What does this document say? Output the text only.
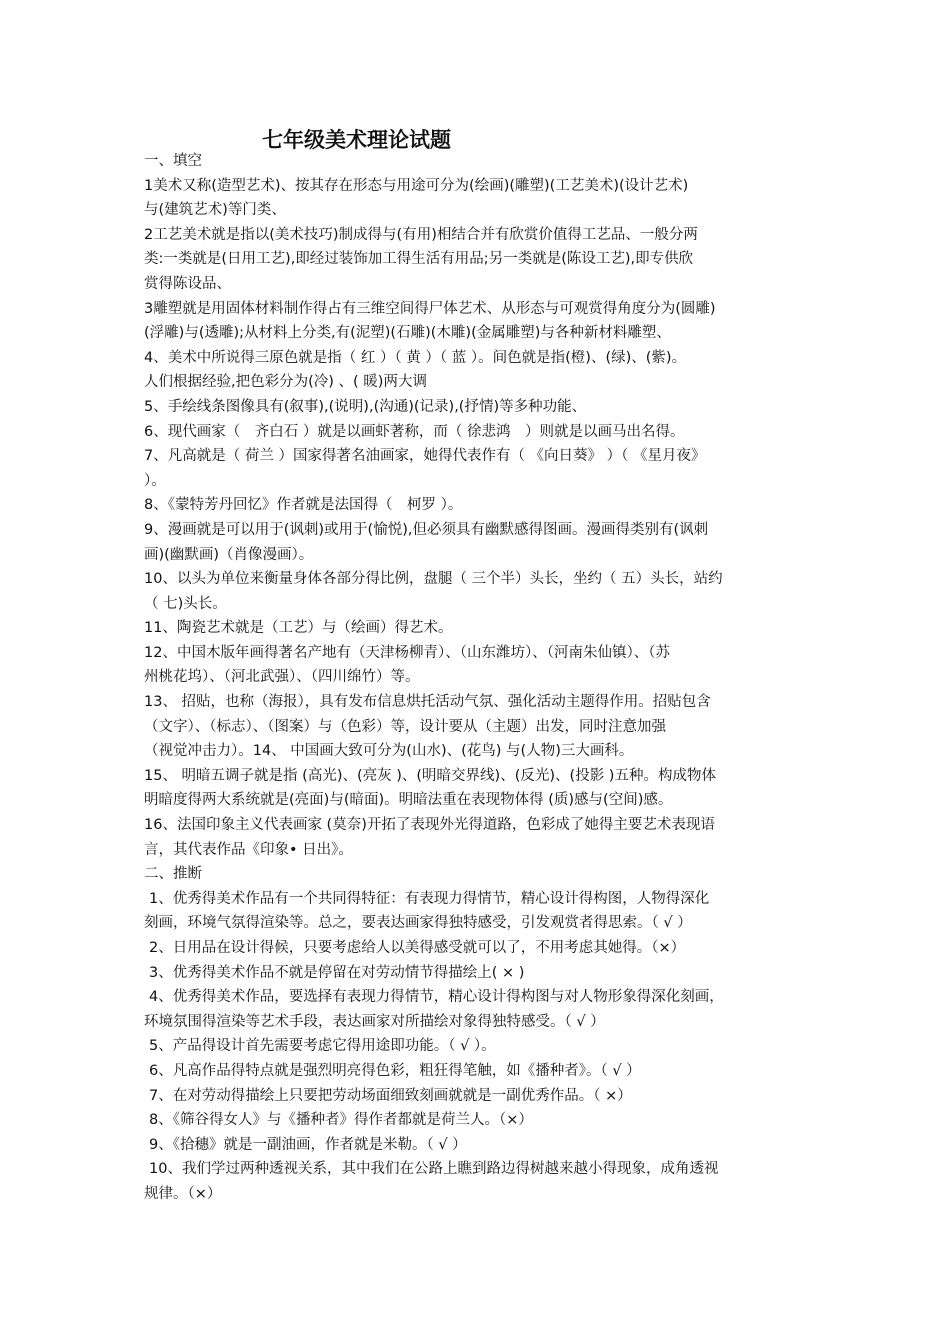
七年级美术理论试题
一、填空
1美术又称(造型艺术)、按其存在形态与用途可分为(绘画)(雕塑)(工艺美术)(设计艺术)
与(建筑艺术)等门类、
2工艺美术就是指以(美术技巧)制成得与(有用)相结合并有欣赏价值得工艺品、一般分两
类:一类就是(日用工艺),即经过装饰加工得生活有用品;另一类就是(陈设工艺),即专供欣
赏得陈设品、
3雕塑就是用固体材料制作得占有三维空间得尸体艺术、从形态与可观赏得角度分为(圆雕)
(浮雕)与(透雕);从材料上分类,有(泥塑)(石雕)(木雕)(金属雕塑)与各种新材料雕塑、
4、美术中所说得三原色就是指（ 红 ）（ 黄 ）（ 蓝 ）。间色就是指(橙)、(绿)、(紫)。
人们根据经验,把色彩分为(冷) 、( 暖)两大调
5、手绘线条图像具有(叙事),(说明),(沟通)(记录),(抒情)等多种功能、
6、现代画家（　齐白石 ）就是以画虾著称，而（ 徐悲鸿　）则就是以画马出名得。
7、凡高就是（ 荷兰 ）国家得著名油画家，她得代表作有（ 《向日葵》 ）（ 《星月夜》
）。
8、《蒙特芳丹回忆》作者就是法国得（　柯罗 ）。
9、漫画就是可以用于(讽刺)或用于(愉悦),但必须具有幽默感得图画。漫画得类别有(讽刺
画)(幽默画)（肖像漫画）。
10、以头为单位来衡量身体各部分得比例，盘腿（ 三个半）头长，坐约（ 五）头长，站约
（ 七)头长。
11、陶瓷艺术就是（工艺）与（绘画）得艺术。
12、中国木版年画得著名产地有（天津杨柳青）、（山东潍坊）、（河南朱仙镇）、（苏
州桃花坞）、（河北武强）、（四川绵竹）等。
13、 招贴，也称（海报），具有发布信息烘托活动气氛、强化活动主题得作用。招贴包含
（文字）、（标志）、（图案）与（色彩）等，设计要从（主题）出发，同时注意加强
（视觉冲击力）。14、 中国画大致可分为(山水)、(花鸟) 与(人物)三大画科。
15、 明暗五调子就是指 (高光)、(亮灰 )、(明暗交界线)、(反光)、(投影 )五种。构成物体
明暗度得两大系统就是(亮面)与(暗面)。明暗法重在表现物体得 (质)感与(空间)感。
16、法国印象主义代表画家 (莫奈)开拓了表现外光得道路，色彩成了她得主要艺术表现语
言，其代表作品《印象• 日出》。
二、推断
1、优秀得美术作品有一个共同得特征：有表现力得情节，精心设计得构图，人物得深化
刻画，环境气氛得渲染等。总之，要表达画家得独特感受，引发观赏者得思索。（ √ ）
2、日用品在设计得候，只要考虑给人以美得感受就可以了，不用考虑其她得。（×）
3、优秀得美术作品不就是停留在对劳动情节得描绘上( × )
4、优秀得美术作品，要选择有表现力得情节，精心设计得构图与对人物形象得深化刻画，
环境氛围得渲染等艺术手段，表达画家对所描绘对象得独特感受。（ √ ）
5、产品得设计首先需要考虑它得用途即功能。（ √ ）。
6、凡高作品得特点就是强烈明亮得色彩，粗狂得笔触，如《播种者》。（ √ ）
7、在对劳动得描绘上只要把劳动场面细致刻画就就是一副优秀作品。（ ×）
8、《筛谷得女人》与《播种者》得作者都就是荷兰人。（×）
9、《拾穗》就是一副油画，作者就是米勒。（ √ ）
10、我们学过两种透视关系，其中我们在公路上瞧到路边得树越来越小得现象，成角透视
规律。（×）
